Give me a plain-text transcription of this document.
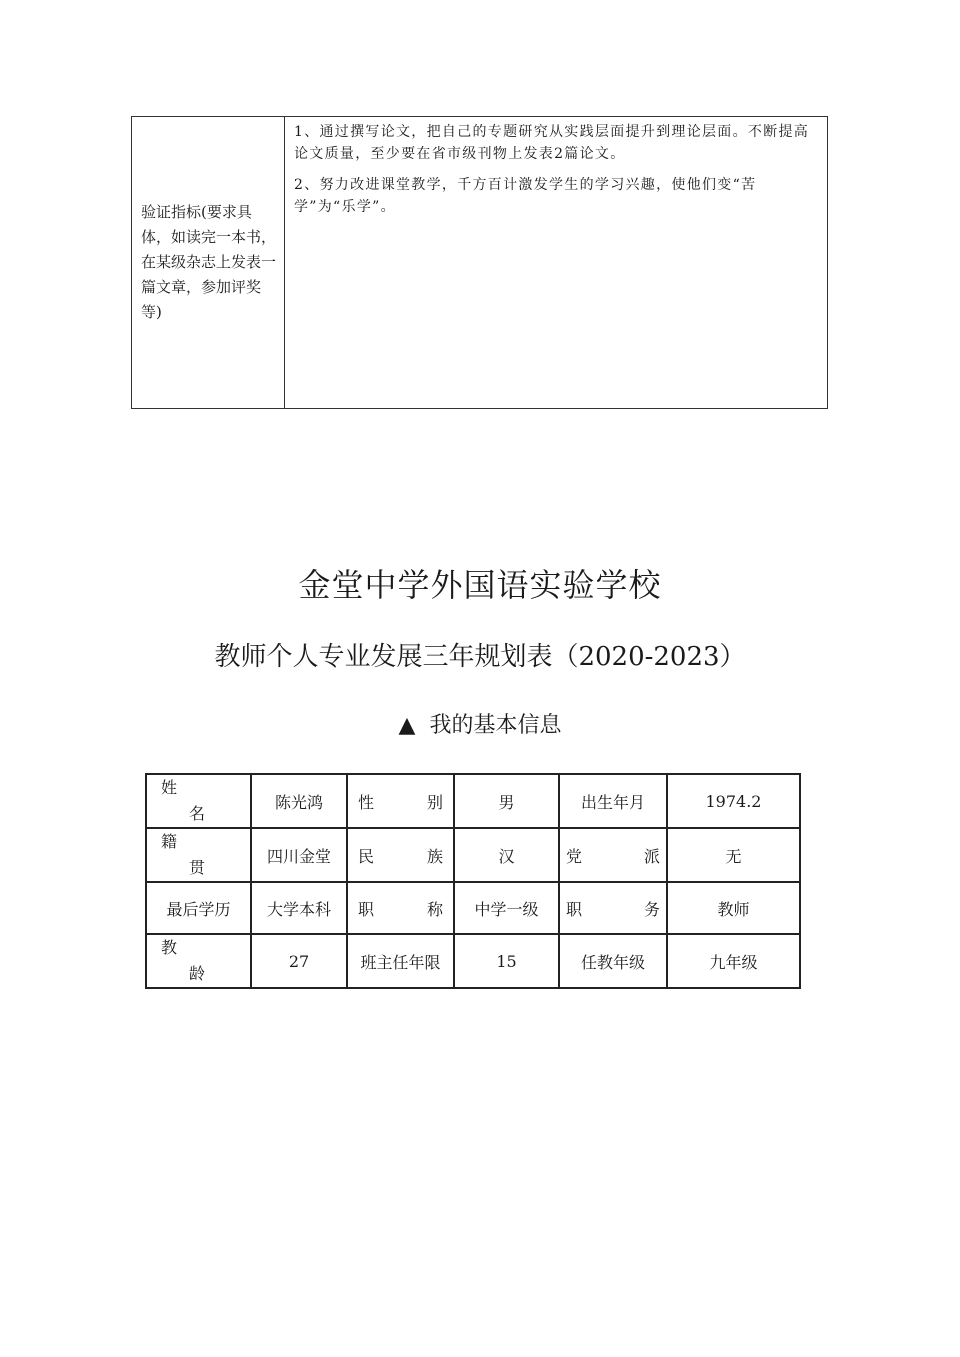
验证指标(要求具体，如读完一本书，在某级杂志上发表一篇文章，参加评奖等)

1、通过撰写论文，把自己的专题研究从实践层面提升到理论层面。不断提高论文质量，至少要在省市级刊物上发表2篇论文。

2、努力改进课堂教学，千方百计激发学生的学习兴趣，使他们变“苦学”为“乐学”。

金堂中学外国语实验学校
教师个人专业发展三年规划表（2020-2023）
▲ 我的基本信息
姓
名	陈光鸿	性 别	男	出生年月	1974.2

籍
贯	四川金堂	民 族	汉	党 派	无
最后学历	大学本科	职 称	中学一级	职 务	教师

教
龄	27	班主任年限	15	任教年级	九年级
